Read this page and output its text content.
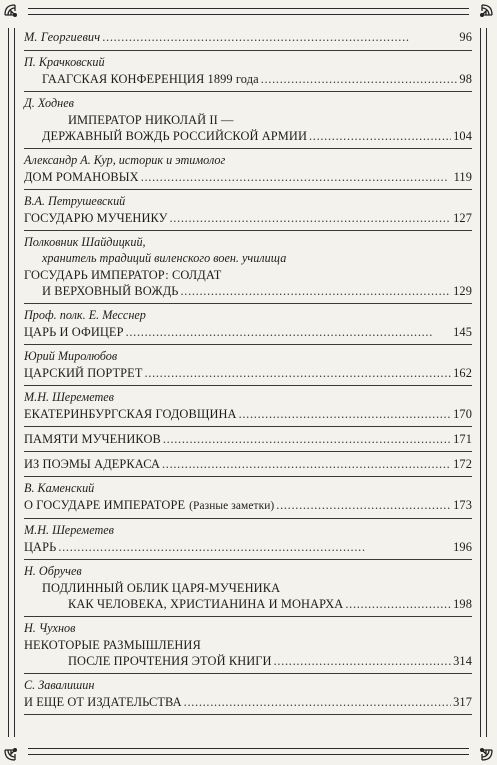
М. Георгиевич . . .	96
П. Крачковский
ГААГСКАЯ КОНФЕРЕНЦИЯ 1899 года . . .	98
Д. Ходнев
ИМПЕРАТОР НИКОЛАЙ II —
ДЕРЖАВНЫЙ ВОЖДЬ РОССИЙСКОЙ АРМИИ . . .	104
Александр А. Кур, историк и этимолог
ДОМ РОМАНОВЫХ . . .	119
В.А. Петрушевский
ГОСУДАРЮ МУЧЕНИКУ . . .	127
Полковник Шайдицкий,
хранитель традиций виленского воен. училища
ГОСУДАРЬ ИМПЕРАТОР: СОЛДАТ
И ВЕРХОВНЫЙ ВОЖДЬ . . .	129
Проф. полк. Е. Месснер
ЦАРЬ И ОФИЦЕР . . .	145
Юрий Миролюбов
ЦАРСКИЙ ПОРТРЕТ . . .	162
М.Н. Шереметев
ЕКАТЕРИНБУРГСКАЯ ГОДОВЩИНА . . .	170
ПАМЯТИ МУЧЕНИКОВ . . .	171
ИЗ ПОЭМЫ АДЕРКАСА . . .	172
В. Каменский
О ГОСУДАРЕ ИМПЕРАТОРЕ (Разные заметки) . . .	173
М.Н. Шереметев
ЦАРЬ . . .	196
Н. Обручев
ПОДЛИННЫЙ ОБЛИК ЦАРЯ-МУЧЕНИКА
КАК ЧЕЛОВЕКА, ХРИСТИАНИНА И МОНАРХА . . .	198
Н. Чухнов
НЕКОТОРЫЕ РАЗМЫШЛЕНИЯ
ПОСЛЕ ПРОЧТЕНИЯ ЭТОЙ КНИГИ . . .	314
С. Завалишин
И ЕЩЕ ОТ ИЗДАТЕЛЬСТВА . . .	317
